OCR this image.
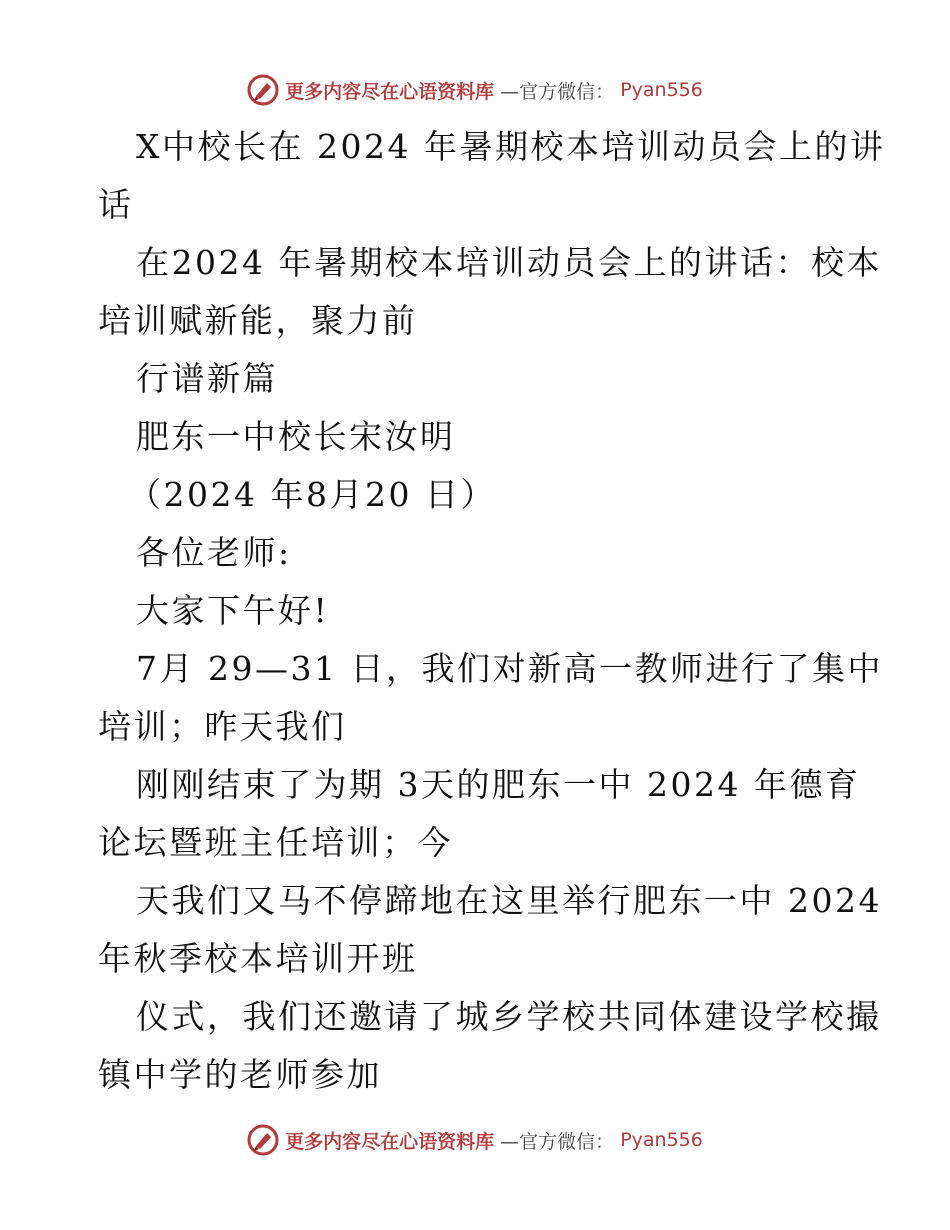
更多内容尽在心语资料库 —官方微信： Pyan556
X中校长在 2024 年暑期校本培训动员会上的讲
话
在2024 年暑期校本培训动员会上的讲话：校本
培训赋新能，聚力前
行谱新篇
肥东一中校长宋汝明
（2024 年8月20 日）
各位老师:
大家下午好!
7月 29—31 日，我们对新高一教师进行了集中
培训；昨天我们
刚刚结束了为期 3天的肥东一中 2024 年德育
论坛暨班主任培训；今
天我们又马不停蹄地在这里举行肥东一中 2024
年秋季校本培训开班
仪式，我们还邀请了城乡学校共同体建设学校撮
镇中学的老师参加
更多内容尽在心语资料库 —官方微信： Pyan556
